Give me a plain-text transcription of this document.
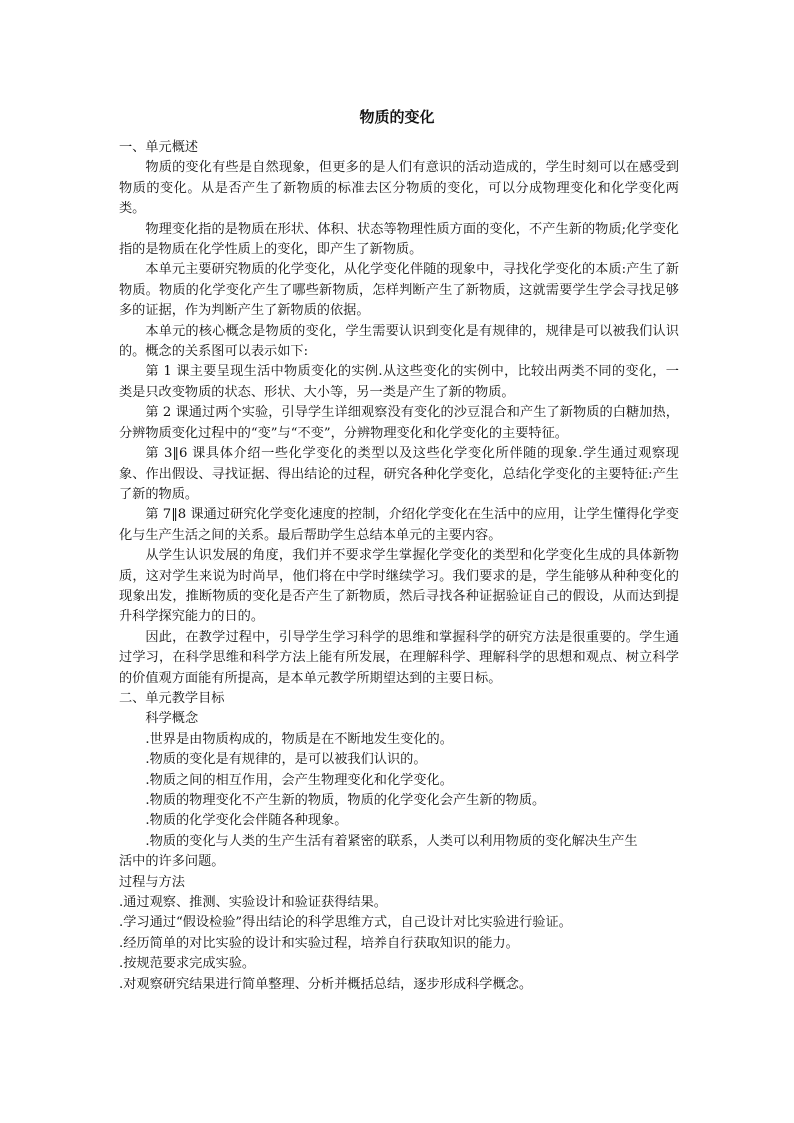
物质的变化

一、单元概述

物质的变化有些是自然现象，但更多的是人们有意识的活动造成的，学生时刻可以在感受到物质的变化。从是否产生了新物质的标准去区分物质的变化，可以分成物理变化和化学变化两类。

物理变化指的是物质在形状、体积、状态等物理性质方面的变化，不产生新的物质;化学变化指的是物质在化学性质上的变化，即产生了新物质。

本单元主要研究物质的化学变化，从化学变化伴随的现象中，寻找化学变化的本质:产生了新物质。物质的化学变化产生了哪些新物质，怎样判断产生了新物质，这就需要学生学会寻找足够多的证据，作为判断产生了新物质的依据。

本单元的核心概念是物质的变化，学生需要认识到变化是有规律的，规律是可以被我们认识的。概念的关系图可以表示如下:

第 1 课主要呈现生活中物质变化的实例.从这些变化的实例中，比较出两类不同的变化，一类是只改变物质的状态、形状、大小等，另一类是产生了新的物质。

第 2 课通过两个实验，引导学生详细观察没有变化的沙豆混合和产生了新物质的白糖加热，分辨物质变化过程中的“变”与“不变”，分辨物理变化和化学变化的主要特征。

第 3‖6 课具体介绍一些化学变化的类型以及这些化学变化所伴随的现象.学生通过观察现象、作出假设、寻找证据、得出结论的过程，研究各种化学变化，总结化学变化的主要特征:产生了新的物质。

第 7‖8 课通过研究化学变化速度的控制，介绍化学变化在生活中的应用，让学生懂得化学变化与生产生活之间的关系。最后帮助学生总结本单元的主要内容。

从学生认识发展的角度，我们并不要求学生掌握化学变化的类型和化学变化生成的具体新物质，这对学生来说为时尚早，他们将在中学时继续学习。我们要求的是，学生能够从种种变化的现象出发，推断物质的变化是否产生了新物质，然后寻找各种证据验证自己的假设，从而达到提升科学探究能力的日的。

因此，在教学过程中，引导学生学习科学的思维和掌握科学的研究方法是很重要的。学生通过学习，在科学思维和科学方法上能有所发展，在理解科学、理解科学的思想和观点、树立科学的价值观方面能有所提高，是本单元教学所期望达到的主要日标。

二、单元教学目标

科学概念

.世界是由物质构成的，物质是在不断地发生变化的。

.物质的变化是有规律的，是可以被我们认识的。

.物质之间的相互作用，会产生物理变化和化学变化。

.物质的物理变化不产生新的物质，物质的化学变化会产生新的物质。

.物质的化学变化会伴随各种现象。

.物质的变化与人类的生产生活有着紧密的联系，人类可以利用物质的变化解决生产生
活中的许多问题。

过程与方法

.通过观察、推测、实验设计和验证获得结果。

.学习通过“假设检验”得出结论的科学思维方式，自己设计对比实验进行验证。

.经历简单的对比实验的设计和实验过程，培养自行获取知识的能力。

.按规范要求完成实验。

.对观察研究结果进行简单整理、分析并概括总结，逐步形成科学概念。
